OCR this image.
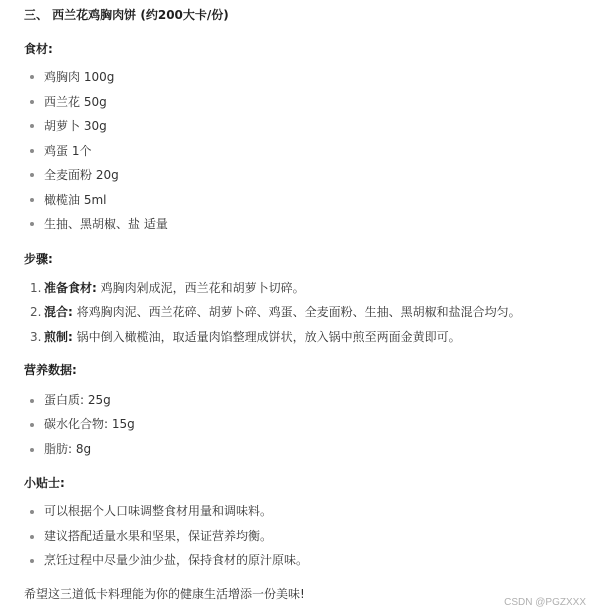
三、 西兰花鸡胸肉饼 (约200大卡/份)
食材:
鸡胸肉 100g
西兰花 50g
胡萝卜 30g
鸡蛋 1个
全麦面粉 20g
橄榄油 5ml
生抽、黑胡椒、盐 适量
步骤:
1. 准备食材: 鸡胸肉剁成泥，西兰花和胡萝卜切碎。
2. 混合: 将鸡胸肉泥、西兰花碎、胡萝卜碎、鸡蛋、全麦面粉、生抽、黑胡椒和盐混合均匀。
3. 煎制: 锅中倒入橄榄油，取适量肉馅整理成饼状，放入锅中煎至两面金黄即可。
营养数据:
蛋白质: 25g
碳水化合物: 15g
脂肪: 8g
小贴士:
可以根据个人口味调整食材用量和调味料。
建议搭配适量水果和坚果，保证营养均衡。
烹饪过程中尽量少油少盐，保持食材的原汁原味。
希望这三道低卡料理能为你的健康生活增添一份美味!
CSDN @PGZXXX
